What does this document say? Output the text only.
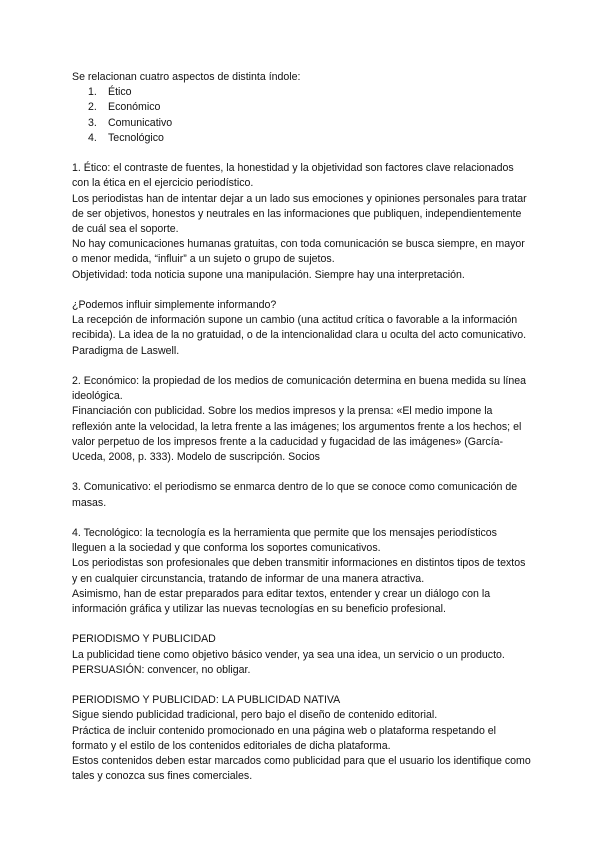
Se relacionan cuatro aspectos de distinta índole:

1. Ético
2. Económico
3. Comunicativo
4. Tecnológico

1. Ético: el contraste de fuentes, la honestidad y la objetividad son factores clave relacionados con la ética en el ejercicio periodístico.

Los periodistas han de intentar dejar a un lado sus emociones y opiniones personales para tratar de ser objetivos, honestos y neutrales en las informaciones que publiquen, independientemente de cuál sea el soporte.

No hay comunicaciones humanas gratuitas, con toda comunicación se busca siempre, en mayor o menor medida, “influir” a un sujeto o grupo de sujetos.

Objetividad: toda noticia supone una manipulación. Siempre hay una interpretación.

¿Podemos influir simplemente informando?

La recepción de información supone un cambio (una actitud crítica o favorable a la información recibida). La idea de la no gratuidad, o de la intencionalidad clara u oculta del acto comunicativo. Paradigma de Laswell.

2. Económico: la propiedad de los medios de comunicación determina en buena medida su línea ideológica.

Financiación con publicidad. Sobre los medios impresos y la prensa: «El medio impone la reflexión ante la velocidad, la letra frente a las imágenes; los argumentos frente a los hechos; el valor perpetuo de los impresos frente a la caducidad y fugacidad de las imágenes» (García-Uceda, 2008, p. 333). Modelo de suscripción. Socios

3. Comunicativo: el periodismo se enmarca dentro de lo que se conoce como comunicación de masas.

4. Tecnológico: la tecnología es la herramienta que permite que los mensajes periodísticos lleguen a la sociedad y que conforma los soportes comunicativos.

Los periodistas son profesionales que deben transmitir informaciones en distintos tipos de textos y en cualquier circunstancia, tratando de informar de una manera atractiva.

Asimismo, han de estar preparados para editar textos, entender y crear un diálogo con la información gráfica y utilizar las nuevas tecnologías en su beneficio profesional.

PERIODISMO Y PUBLICIDAD

La publicidad tiene como objetivo básico vender, ya sea una idea, un servicio o un producto.

PERSUASIÓN: convencer, no obligar.

PERIODISMO Y PUBLICIDAD: LA PUBLICIDAD NATIVA

Sigue siendo publicidad tradicional, pero bajo el diseño de contenido editorial.

Práctica de incluir contenido promocionado en una página web o plataforma respetando el formato y el estilo de los contenidos editoriales de dicha plataforma.

Estos contenidos deben estar marcados como publicidad para que el usuario los identifique como tales y conozca sus fines comerciales.
